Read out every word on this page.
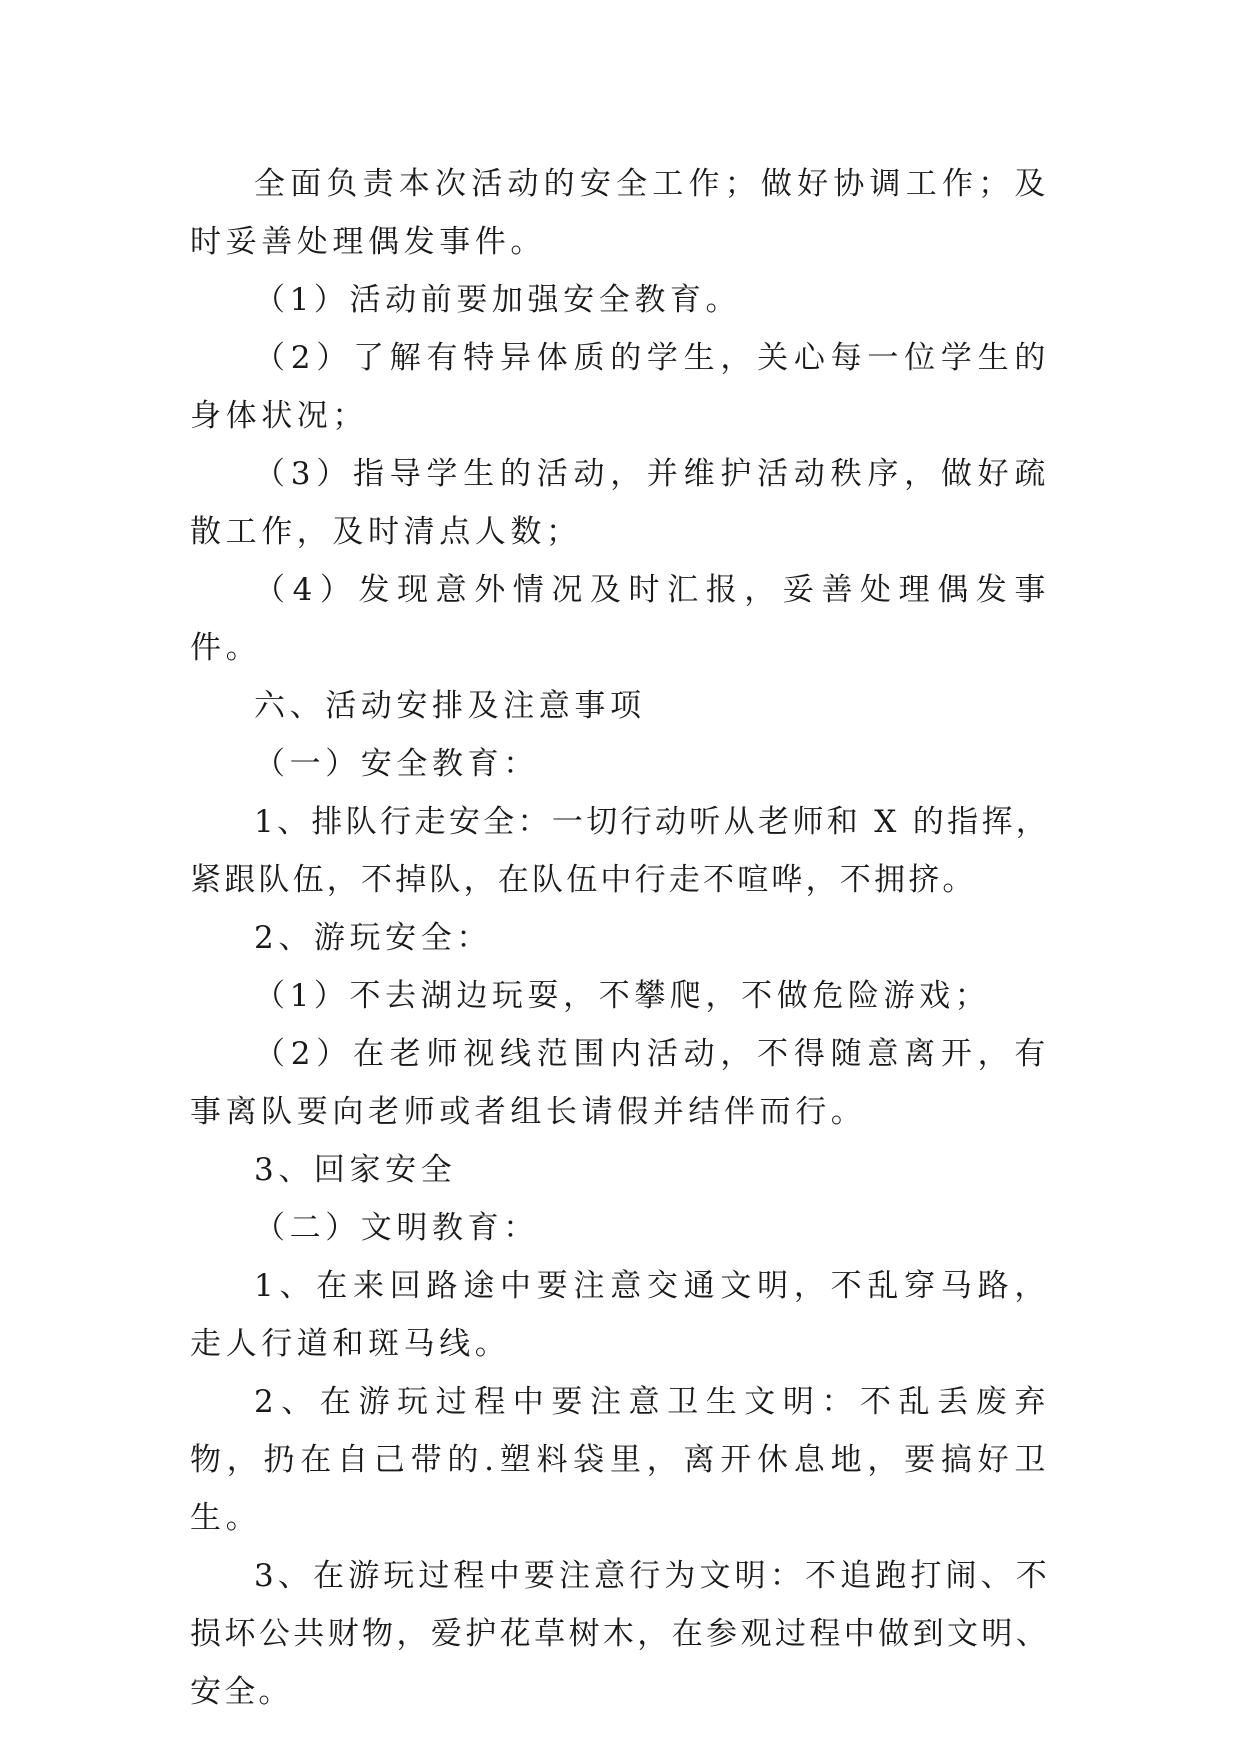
全面负责本次活动的安全工作；做好协调工作；及时妥善处理偶发事件。

（1）活动前要加强安全教育。

（2）了解有特异体质的学生，关心每一位学生的身体状况；

（3）指导学生的活动，并维护活动秩序，做好疏散工作，及时清点人数；

（4）发现意外情况及时汇报，妥善处理偶发事件。

六、活动安排及注意事项

（一）安全教育：

1、排队行走安全：一切行动听从老师和 X 的指挥，紧跟队伍，不掉队，在队伍中行走不喧哗，不拥挤。

2、游玩安全：

（1）不去湖边玩耍，不攀爬，不做危险游戏；

（2）在老师视线范围内活动，不得随意离开，有事离队要向老师或者组长请假并结伴而行。

3、回家安全

（二）文明教育：

1、在来回路途中要注意交通文明，不乱穿马路，走人行道和斑马线。

2、在游玩过程中要注意卫生文明：不乱丢废弃物，扔在自己带的.塑料袋里，离开休息地，要搞好卫生。

3、在游玩过程中要注意行为文明：不追跑打闹、不损坏公共财物，爱护花草树木，在参观过程中做到文明、安全。
